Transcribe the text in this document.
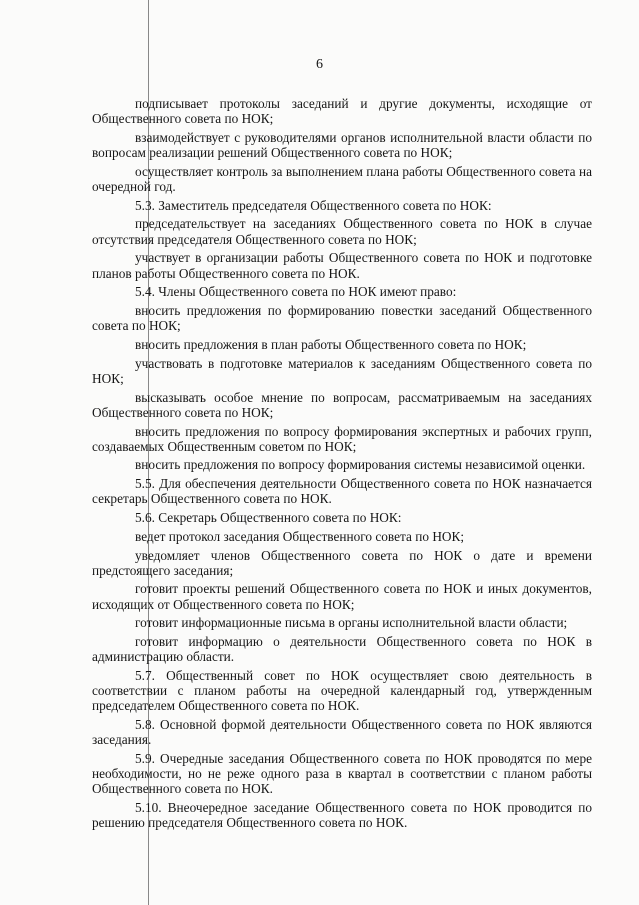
6

подписывает протоколы заседаний и другие документы, исходящие от Общественного совета по НОК;

взаимодействует с руководителями органов исполнительной власти области по вопросам реализации решений Общественного совета по НОК;

осуществляет контроль за выполнением плана работы Общественного совета на очередной год.

5.3. Заместитель председателя Общественного совета по НОК:

председательствует на заседаниях Общественного совета по НОК в случае отсутствия председателя Общественного совета по НОК;

участвует в организации работы Общественного совета по НОК и подготовке планов работы Общественного совета по НОК.

5.4. Члены Общественного совета по НОК имеют право:

вносить предложения по формированию повестки заседаний Общественного совета по НОК;

вносить предложения в план работы Общественного совета по НОК;

участвовать в подготовке материалов к заседаниям Общественного совета по НОК;

высказывать особое мнение по вопросам, рассматриваемым на заседаниях Общественного совета по НОК;

вносить предложения по вопросу формирования экспертных и рабочих групп, создаваемых Общественным советом по НОК;

вносить предложения по вопросу формирования системы независимой оценки.

5.5. Для обеспечения деятельности Общественного совета по НОК назначается секретарь Общественного совета по НОК.

5.6. Секретарь Общественного совета по НОК:

ведет протокол заседания Общественного совета по НОК;

уведомляет членов Общественного совета по НОК о дате и времени предстоящего заседания;

готовит проекты решений Общественного совета по НОК и иных документов, исходящих от Общественного совета по НОК;

готовит информационные письма в органы исполнительной власти области;

готовит информацию о деятельности Общественного совета по НОК в администрацию области.

5.7. Общественный совет по НОК осуществляет свою деятельность в соответствии с планом работы на очередной календарный год, утвержденным председателем Общественного совета по НОК.

5.8. Основной формой деятельности Общественного совета по НОК являются заседания.

5.9. Очередные заседания Общественного совета по НОК проводятся по мере необходимости, но не реже одного раза в квартал в соответствии с планом работы Общественного совета по НОК.

5.10. Внеочередное заседание Общественного совета по НОК проводится по решению председателя Общественного совета по НОК.
